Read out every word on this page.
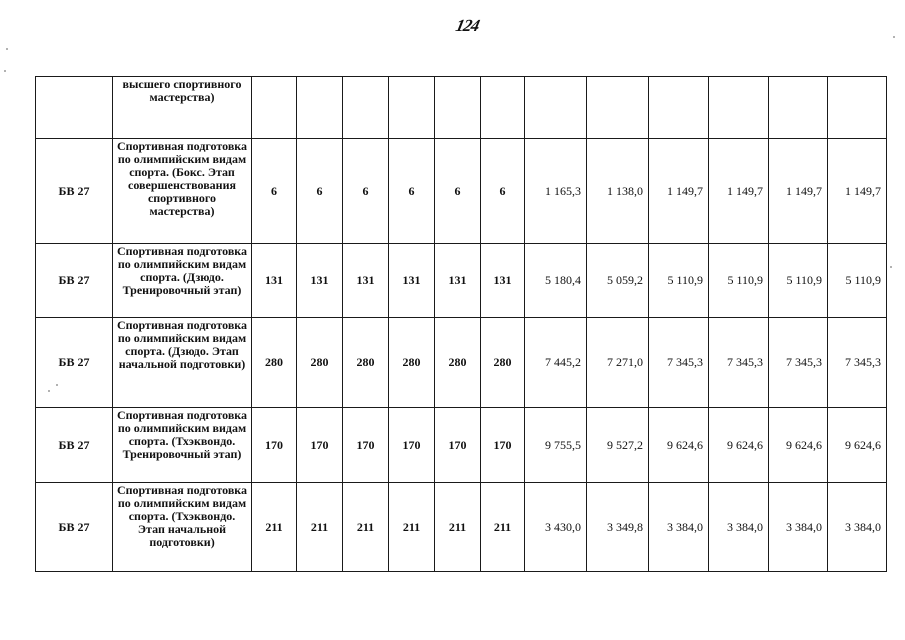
124
	высшего спортивного мастерства)												
БВ 27	Спортивная подготовка по олимпийским видам спорта. (Бокс. Этап совершенствования спортивного мастерства)	6	6	6	6	6	6	1 165,3	1 138,0	1 149,7	1 149,7	1 149,7	1 149,7
БВ 27	Спортивная подготовка по олимпийским видам спорта. (Дзюдо. Тренировочный этап)	131	131	131	131	131	131	5 180,4	5 059,2	5 110,9	5 110,9	5 110,9	5 110,9
БВ 27	Спортивная подготовка по олимпийским видам спорта. (Дзюдо. Этап начальной подготовки)	280	280	280	280	280	280	7 445,2	7 271,0	7 345,3	7 345,3	7 345,3	7 345,3
БВ 27	Спортивная подготовка по олимпийским видам спорта. (Тхэквондо. Тренировочный этап)	170	170	170	170	170	170	9 755,5	9 527,2	9 624,6	9 624,6	9 624,6	9 624,6
БВ 27	Спортивная подготовка по олимпийским видам спорта. (Тхэквондо. Этап начальной подготовки)	211	211	211	211	211	211	3 430,0	3 349,8	3 384,0	3 384,0	3 384,0	3 384,0
